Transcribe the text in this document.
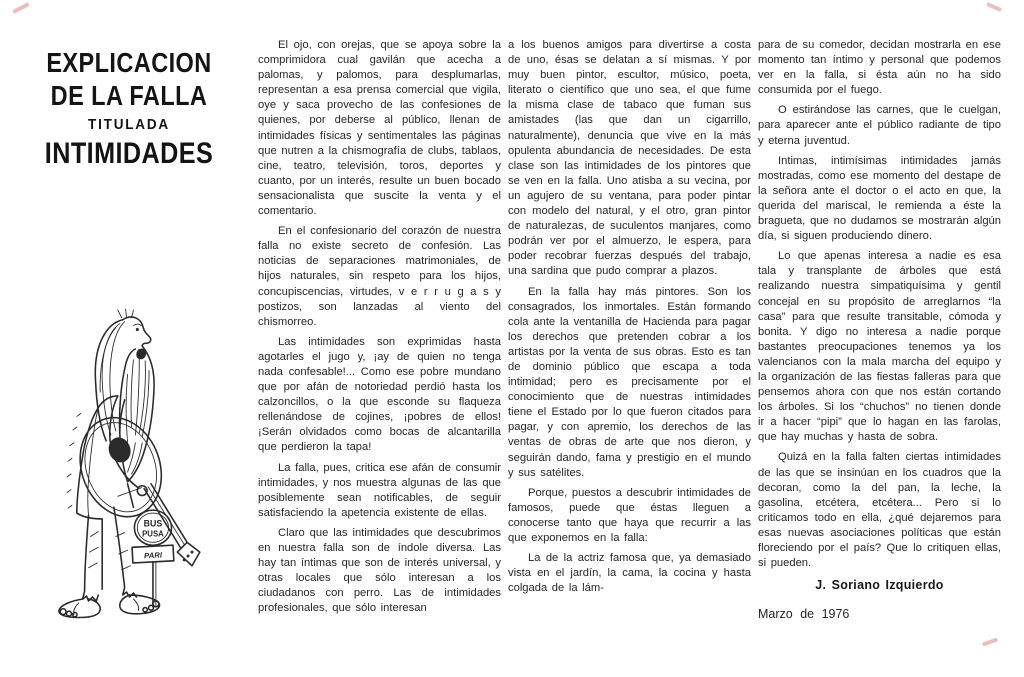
EXPLICACION
DE LA FALLA
TITULADA
INTIMIDADES
BUS
PUSA
PARI

El ojo, con orejas, que se apoya sobre la comprimidora cual gavilán que acecha a palomas, y palomos, para desplumarlas, representan a esa prensa comercial que vigila, oye y saca provecho de las confesiones de quienes, por deberse al público, llenan de intimidades físicas y sentimentales las páginas que nutren a la chismografía de clubs, tablaos, cine, teatro, televisión, toros, deportes y cuanto, por un interés, resulte un buen bocado sensacionalista que suscite la venta y el comentario.

En el confesionario del corazón de nuestra falla no existe secreto de confesión. Las noticias de separaciones matrimoniales, de hijos naturales, sin respeto para los hijos, concupiscencias, virtudes, v e r r u g a s y postizos, son lanzadas al viento del chismorreo.

Las intimidades son exprimidas hasta agotarles el jugo y, ¡ay de quien no tenga nada confesable!... Como ese pobre mundano que por afán de notoriedad perdió hasta los calzoncillos, o la que esconde su flaqueza rellenándose de cojines, ¡pobres de ellos! ¡Serán olvidados como bocas de alcantarilla que perdieron la tapa!

La falla, pues, critica ese afán de consumir intimidades, y nos muestra algunas de las que posiblemente sean notificables, de seguir satisfaciendo la apetencia existente de ellas.

Claro que las intimidades que descubrimos en nuestra falla son de índole diversa. Las hay tan íntimas que son de interés universal, y otras locales que sólo interesan a los ciudadanos con perro. Las de intimidades profesionales, que sólo interesan

a los buenos amigos para divertirse a costa de uno, ésas se delatan a sí mismas. Y por muy buen pintor, escultor, músico, poeta, literato o científico que uno sea, el que fume la misma clase de tabaco que fuman sus amistades (las que dan un cigarrillo, naturalmente), denuncia que vive en la más opulenta abundancia de necesidades. De esta clase son las intimidades de los pintores que se ven en la falla. Uno atisba a su vecina, por un agujero de su ventana, para poder pintar con modelo del natural, y el otro, gran pintor de naturalezas, de suculentos manjares, como podrán ver por el almuerzo, le espera, para poder recobrar fuerzas después del trabajo, una sardina que pudo comprar a plazos.

En la falla hay más pintores. Son los consagrados, los inmortales. Están formando cola ante la ventanilla de Hacienda para pagar los derechos que pretenden cobrar a los artistas por la venta de sus obras. Esto es tan de dominio público que escapa a toda intimidad; pero es precisamente por el conocimiento que de nuestras intimidades tiene el Estado por lo que fueron citados para pagar, y con apremio, los derechos de las ventas de obras de arte que nos dieron, y seguirán dando, fama y prestigio en el mundo y sus satélites.

Porque, puestos a descubrir intimidades de famosos, puede que éstas lleguen a conocerse tanto que haya que recurrir a las que exponemos en la falla:

La de la actriz famosa que, ya demasiado vista en el jardín, la cama, la cocina y hasta colgada de la lám-

para de su comedor, decidan mostrarla en ese momento tan íntimo y personal que podemos ver en la falla, si ésta aún no ha sido consumida por el fuego.

O estirándose las carnes, que le cuelgan, para aparecer ante el público radiante de tipo y eterna juventud.

Intimas, intimísimas intimidades jamás mostradas, como ese momento del destape de la señora ante el doctor o el acto en que, la querida del mariscal, le remienda a éste la bragueta, que no dudamos se mostrarán algún día, si siguen produciendo dinero.

Lo que apenas interesa a nadie es esa tala y transplante de árboles que está realizando nuestra simpatiquísima y gentil concejal en su propósito de arreglarnos “la casa” para que resulte transitable, cómoda y bonita. Y digo no interesa a nadie porque bastantes preocupaciones tenemos ya los valencianos con la mala marcha del equipo y la organización de las fiestas falleras para que pensemos ahora con que nos están cortando los árboles. Si los “chuchos” no tienen donde ir a hacer “pipi” que lo hagan en las farolas, que hay muchas y hasta de sobra.

Quizá en la falla falten ciertas intimidades de las que se insinúan en los cuadros que la decoran, como la del pan, la leche, la gasolina, etcétera, etcétera... Pero si lo criticamos todo en ella, ¿qué dejaremos para esas nuevas asociaciones políticas que están floreciendo por el país? Que lo critiquen ellas, si pueden.

J. Soriano Izquierdo

Marzo de 1976
